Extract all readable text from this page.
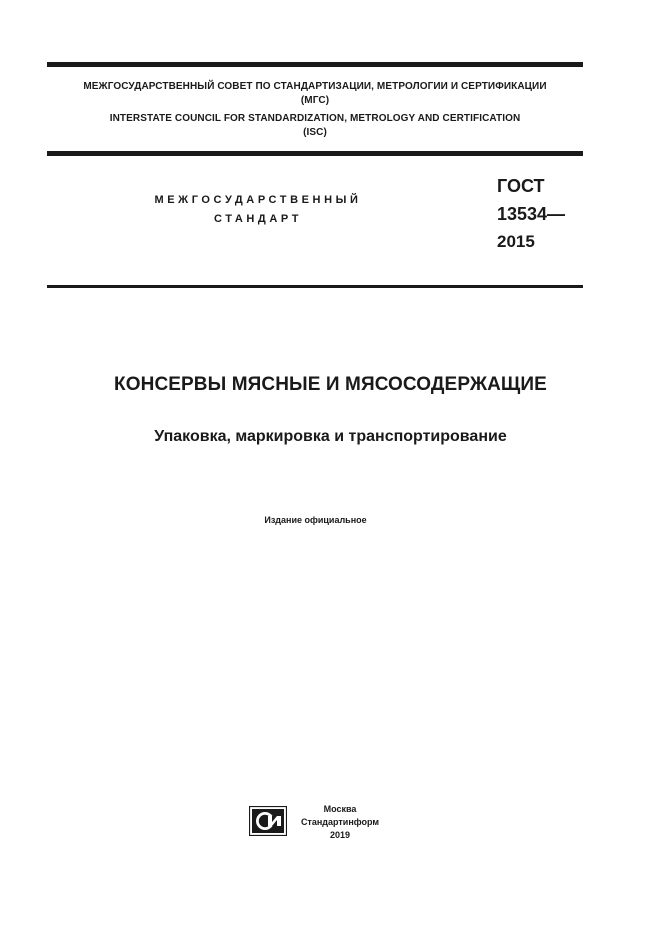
МЕЖГОСУДАРСТВЕННЫЙ СОВЕТ ПО СТАНДАРТИЗАЦИИ, МЕТРОЛОГИИ И СЕРТИФИКАЦИИ
(МГС)
INTERSTATE COUNCIL FOR STANDARDIZATION, METROLOGY AND CERTIFICATION
(ISC)
МЕЖГОСУДАРСТВЕННЫЙ
СТАНДАРТ
ГОСТ
13534—
2015
КОНСЕРВЫ МЯСНЫЕ И МЯСОСОДЕРЖАЩИЕ
Упаковка, маркировка и транспортирование
Издание официальное
Москва
Стандартинформ
2019
